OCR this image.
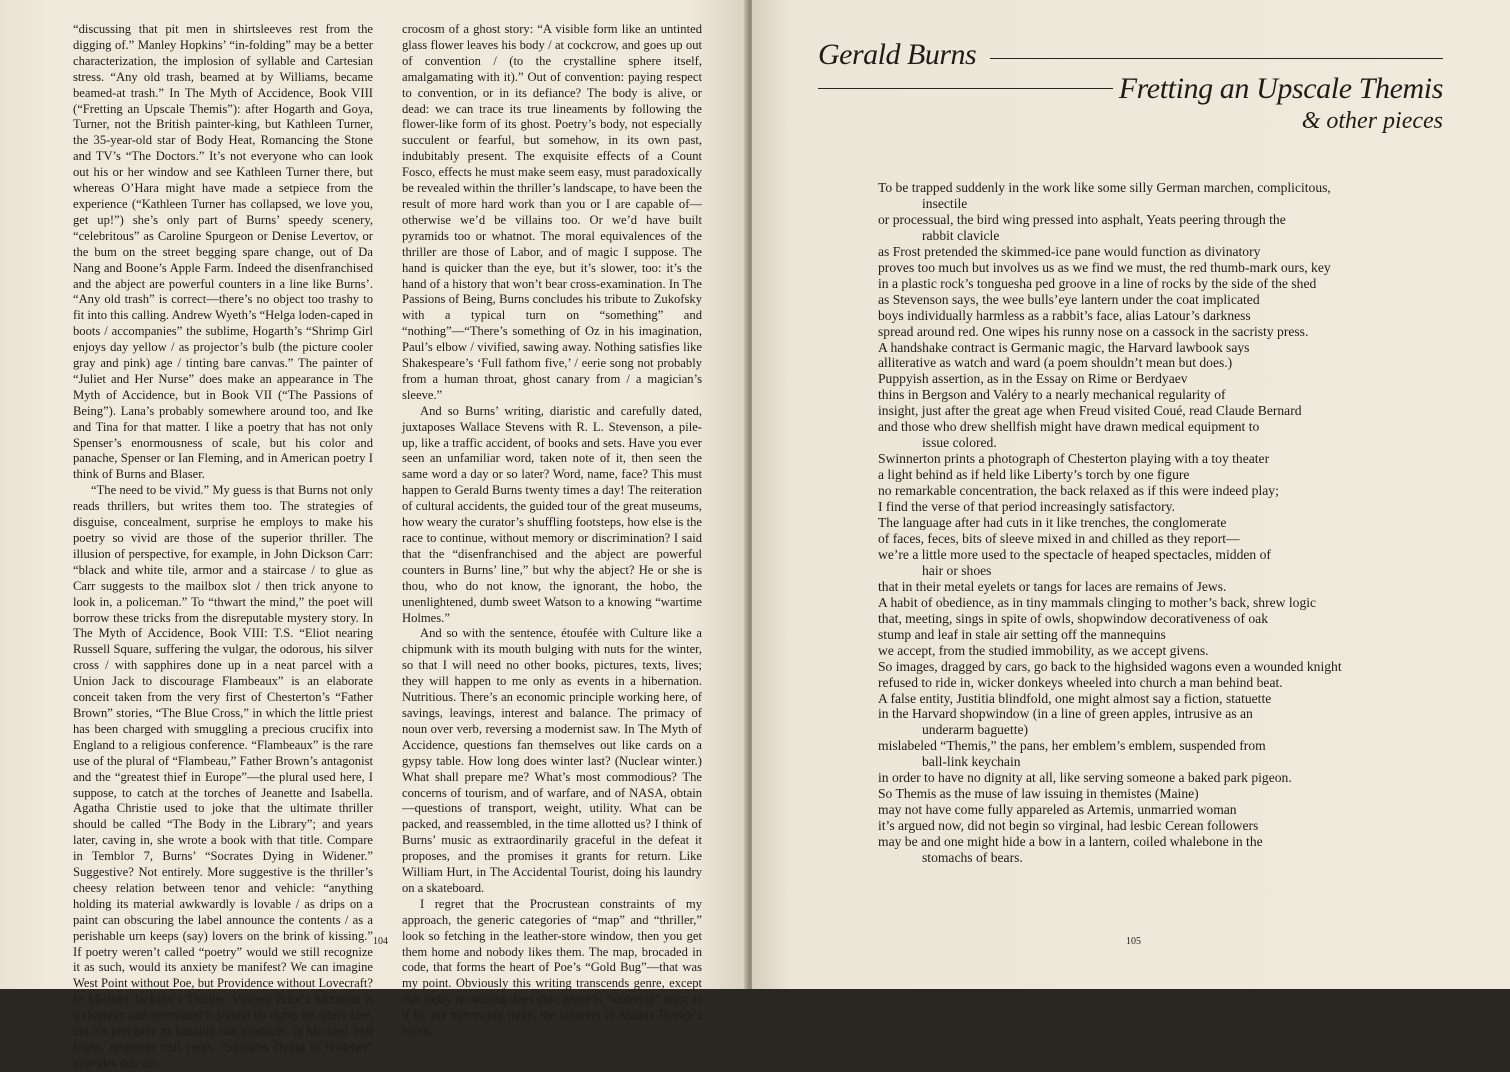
“discussing that pit men in shirtsleeves rest from the digging of.” Manley Hopkins’ “in-folding” may be a better characterization, the implosion of syllable and Cartesian stress. “Any old trash, beamed at by Williams, became beamed-at trash.” In The Myth of Accidence, Book VIII (“Fretting an Upscale Themis”): after Hogarth and Goya, Turner, not the British painter-king, but Kathleen Turner, the 35-year-old star of Body Heat, Romancing the Stone and TV’s “The Doctors.” It’s not everyone who can look out his or her window and see Kathleen Turner there, but whereas O’Hara might have made a setpiece from the experience (“Kathleen Turner has collapsed, we love you, get up!”) she’s only part of Burns’ speedy scenery, “celebritous” as Caroline Spurgeon or Denise Levertov, or the bum on the street begging spare change, out of Da Nang and Boone’s Apple Farm. Indeed the disenfranchised and the abject are powerful counters in a line like Burns’. “Any old trash” is correct—there’s no object too trashy to fit into this calling. Andrew Wyeth’s “Helga loden-caped in boots / accompanies” the sublime, Hogarth’s “Shrimp Girl enjoys day yellow / as projector’s bulb (the picture cooler gray and pink) age / tinting bare canvas.” The painter of “Juliet and Her Nurse” does make an appearance in The Myth of Accidence, but in Book VII (“The Passions of Being”). Lana’s probably somewhere around too, and Ike and Tina for that matter. I like a poetry that has not only Spenser’s enormousness of scale, but his color and panache, Spenser or Ian Fleming, and in American poetry I think of Burns and Blaser.

“The need to be vivid.” My guess is that Burns not only reads thrillers, but writes them too. The strategies of disguise, concealment, surprise he employs to make his poetry so vivid are those of the superior thriller. The illusion of perspective, for example, in John Dickson Carr: “black and white tile, armor and a staircase / to glue as Carr suggests to the mailbox slot / then trick anyone to look in, a policeman.” To “thwart the mind,” the poet will borrow these tricks from the disreputable mystery story. In The Myth of Accidence, Book VIII: T.S. “Eliot nearing Russell Square, suffering the vulgar, the odorous, his silver cross / with sapphires done up in a neat parcel with a Union Jack to discourage Flambeaux” is an elaborate conceit taken from the very first of Chesterton’s “Father Brown” stories, “The Blue Cross,” in which the little priest has been charged with smuggling a precious crucifix into England to a religious conference. “Flambeaux” is the rare use of the plural of “Flambeau,” Father Brown’s antagonist and the “greatest thief in Europe”—the plural used here, I suppose, to catch at the torches of Jeanette and Isabella. Agatha Christie used to joke that the ultimate thriller should be called “The Body in the Library”; and years later, caving in, she wrote a book with that title. Compare in Temblor 7, Burns’ “Socrates Dying in Widener.” Suggestive? Not entirely. More suggestive is the thriller’s cheesy relation between tenor and vehicle: “anything holding its material awkwardly is lovable / as drips on a paint can obscuring the label announce the contents / as a perishable urn keeps (say) lovers on the brink of kissing.” If poetry weren’t called “poetry” would we still recognize it as such, would its anxiety be manifest? We can imagine West Point without Poe, but Providence without Lovecraft? In Michael Jackson’s Thriller, Vincent Price’s narration is so hammy and overstated it should by rights be affect-free, but it’s precisely its banality that produces, in Michael, real fright, desperate real yelps. “Socrates Dying in Widener” provides this mi-

crocosm of a ghost story: “A visible form like an untinted glass flower leaves his body / at cockcrow, and goes up out of convention / (to the crystalline sphere itself, amalgamating with it).” Out of convention: paying respect to convention, or in its defiance? The body is alive, or dead: we can trace its true lineaments by following the flower-like form of its ghost. Poetry’s body, not especially succulent or fearful, but somehow, in its own past, indubitably present. The exquisite effects of a Count Fosco, effects he must make seem easy, must paradoxically be revealed within the thriller’s landscape, to have been the result of more hard work than you or I are capable of—otherwise we’d be villains too. Or we’d have built pyramids too or whatnot. The moral equivalences of the thriller are those of Labor, and of magic I suppose. The hand is quicker than the eye, but it’s slower, too: it’s the hand of a history that won’t bear cross-examination. In The Passions of Being, Burns concludes his tribute to Zukofsky with a typical turn on “something” and “nothing”—“There’s something of Oz in his imagination, Paul’s elbow / vivified, sawing away. Nothing satisfies like Shakespeare’s ‘Full fathom five,’ / eerie song not probably from a human throat, ghost canary from / a magician’s sleeve.”

And so Burns’ writing, diaristic and carefully dated, juxtaposes Wallace Stevens with R. L. Stevenson, a pile-up, like a traffic accident, of books and sets. Have you ever seen an unfamiliar word, taken note of it, then seen the same word a day or so later? Word, name, face? This must happen to Gerald Burns twenty times a day! The reiteration of cultural accidents, the guided tour of the great museums, how weary the curator’s shuffling footsteps, how else is the race to continue, without memory or discrimination? I said that the “disenfranchised and the abject are powerful counters in Burns’ line,” but why the abject? He or she is thou, who do not know, the ignorant, the hobo, the unenlightened, dumb sweet Watson to a knowing “wartime Holmes.”

And so with the sentence, étoufée with Culture like a chipmunk with its mouth bulging with nuts for the winter, so that I will need no other books, pictures, texts, lives; they will happen to me only as events in a hibernation. Nutritious. There’s an economic principle working here, of savings, leavings, interest and balance. The primacy of noun over verb, reversing a modernist saw. In The Myth of Accidence, questions fan themselves out like cards on a gypsy table. How long does winter last? (Nuclear winter.) What shall prepare me? What’s most commodious? The concerns of tourism, and of warfare, and of NASA, obtain—questions of transport, weight, utility. What can be packed, and reassembled, in the time allotted us? I think of Burns’ music as extraordinarily graceful in the defeat it proposes, and the promises it grants for return. Like William Hurt, in The Accidental Tourist, doing his laundry on a skateboard.

I regret that the Procrustean constraints of my approach, the generic categories of “map” and “thriller,” look so fetching in the leather-store window, then you get them home and nobody likes them. The map, brocaded in code, that forms the heart of Poe’s “Gold Bug”—that was my point. Obviously this writing transcends genre, except that today no writing does that: genre is “undercut” only, as if by the burrowing mole, the laborers in Madox Brown’s Work.

104
Gerald Burns
Fretting an Upscale Themis
& other pieces
To be trapped suddenly in the work like some silly German marchen, complicitous,
insectile
or processual, the bird wing pressed into asphalt, Yeats peering through the
rabbit clavicle
as Frost pretended the skimmed-ice pane would function as divinatory
proves too much but involves us as we find we must, the red thumb-mark ours, key
in a plastic rock’s tonguesha ped groove in a line of rocks by the side of the shed
as Stevenson says, the wee bulls’eye lantern under the coat implicated
boys individually harmless as a rabbit’s face, alias Latour’s darkness
spread around red. One wipes his runny nose on a cassock in the sacristy press.
A handshake contract is Germanic magic, the Harvard lawbook says
alliterative as watch and ward (a poem shouldn’t mean but does.)
Puppyish assertion, as in the Essay on Rime or Berdyaev
thins in Bergson and Valéry to a nearly mechanical regularity of
insight, just after the great age when Freud visited Coué, read Claude Bernard
and those who drew shellfish might have drawn medical equipment to
issue colored.
Swinnerton prints a photograph of Chesterton playing with a toy theater
a light behind as if held like Liberty’s torch by one figure
no remarkable concentration, the back relaxed as if this were indeed play;
I find the verse of that period increasingly satisfactory.
The language after had cuts in it like trenches, the conglomerate
of faces, feces, bits of sleeve mixed in and chilled as they report—
we’re a little more used to the spectacle of heaped spectacles, midden of
hair or shoes
that in their metal eyelets or tangs for laces are remains of Jews.
A habit of obedience, as in tiny mammals clinging to mother’s back, shrew logic
that, meeting, sings in spite of owls, shopwindow decorativeness of oak
stump and leaf in stale air setting off the mannequins
we accept, from the studied immobility, as we accept givens.
So images, dragged by cars, go back to the highsided wagons even a wounded knight
refused to ride in, wicker donkeys wheeled into church a man behind beat.
A false entity, Justitia blindfold, one might almost say a fiction, statuette
in the Harvard shopwindow (in a line of green apples, intrusive as an
underarm baguette)
mislabeled “Themis,” the pans, her emblem’s emblem, suspended from
ball-link keychain
in order to have no dignity at all, like serving someone a baked park pigeon.
So Themis as the muse of law issuing in themistes (Maine)
may not have come fully appareled as Artemis, unmarried woman
it’s argued now, did not begin so virginal, had lesbic Cerean followers
may be and one might hide a bow in a lantern, coiled whalebone in the
stomachs of bears.
105
